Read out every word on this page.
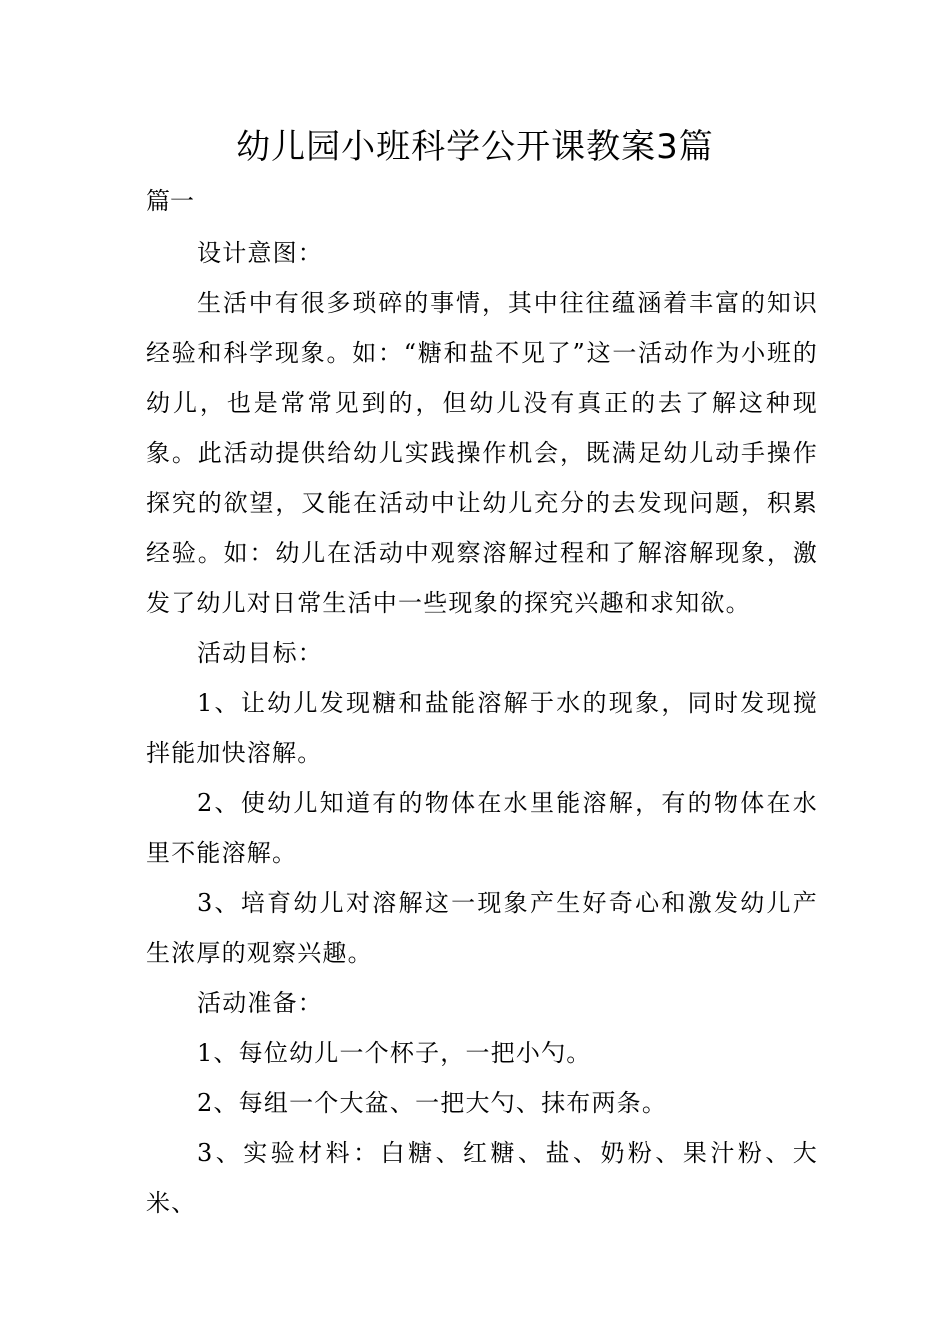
幼儿园小班科学公开课教案3篇
篇一

设计意图：

生活中有很多琐碎的事情，其中往往蕴涵着丰富的知识经验和科学现象。如：“糖和盐不见了”这一活动作为小班的幼儿，也是常常见到的，但幼儿没有真正的去了解这种现象。此活动提供给幼儿实践操作机会，既满足幼儿动手操作探究的欲望，又能在活动中让幼儿充分的去发现问题，积累经验。如：幼儿在活动中观察溶解过程和了解溶解现象，激发了幼儿对日常生活中一些现象的探究兴趣和求知欲。

活动目标：

1、让幼儿发现糖和盐能溶解于水的现象，同时发现搅拌能加快溶解。

2、使幼儿知道有的物体在水里能溶解，有的物体在水里不能溶解。

3、培育幼儿对溶解这一现象产生好奇心和激发幼儿产生浓厚的观察兴趣。

活动准备：

1、每位幼儿一个杯子，一把小勺。

2、每组一个大盆、一把大勺、抹布两条。

3、实验材料：白糖、红糖、盐、奶粉、果汁粉、大米、
